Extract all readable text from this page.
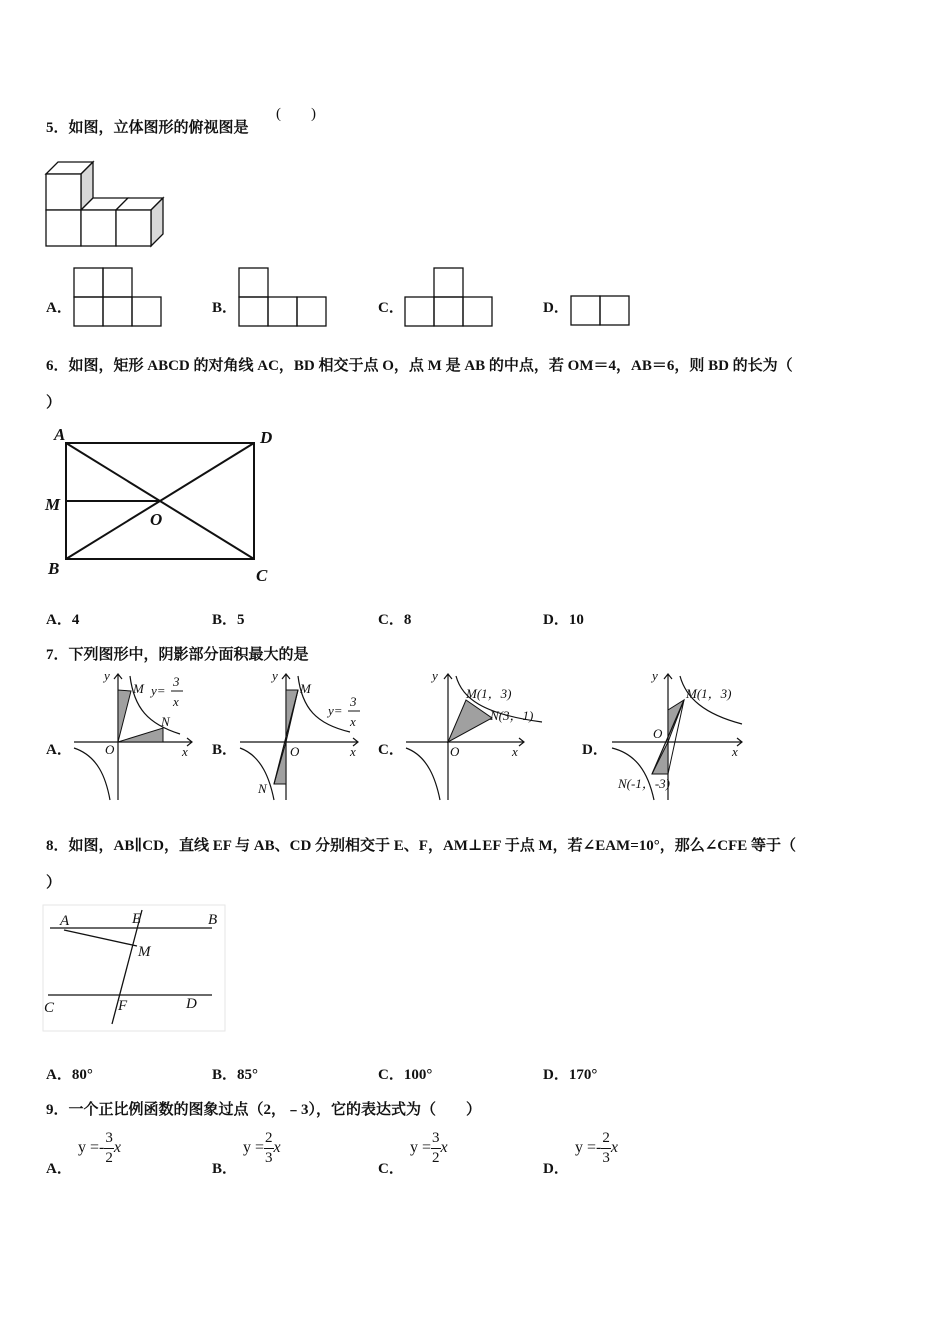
5．如图，立体图形的俯视图是
(　　)
A．	B．	C．	D．
6．如图，矩形 ABCD 的对角线 AC，BD 相交于点 O，点 M 是 AB 的中点，若 OM＝4，AB＝6，则 BD 的长为（
）
A	D
M
O
B	C
A．4	B．5	C．8	D．10
7．下列图形中，阴影部分面积最大的是
A．
y
x
O
M
N
y=
3
x
B．
y
x
O
M
N
y=
3
x
C．
y
x
O
M(1，3)
N(3，1)
D．
y
x
O
M(1，3)
N(-1，-3)
8．如图，AB∥CD，直线 EF 与 AB、CD 分别相交于 E、F，AM⊥EF 于点 M，若∠EAM=10°，那么∠CFE 等于（
）
A	E	B
M
C	F	D
A．80°	B．85°	C．100°	D．170°
9．一个正比例函数的图象过点（2，﹣3），它的表达式为（　　）
A．
$y =- \frac{3}{2}$ x
B．
$y = \frac{2}{3}$ x
C．
$y = \frac{3}{2}$ x
D．
$y =- \frac{2}{3}$ x
